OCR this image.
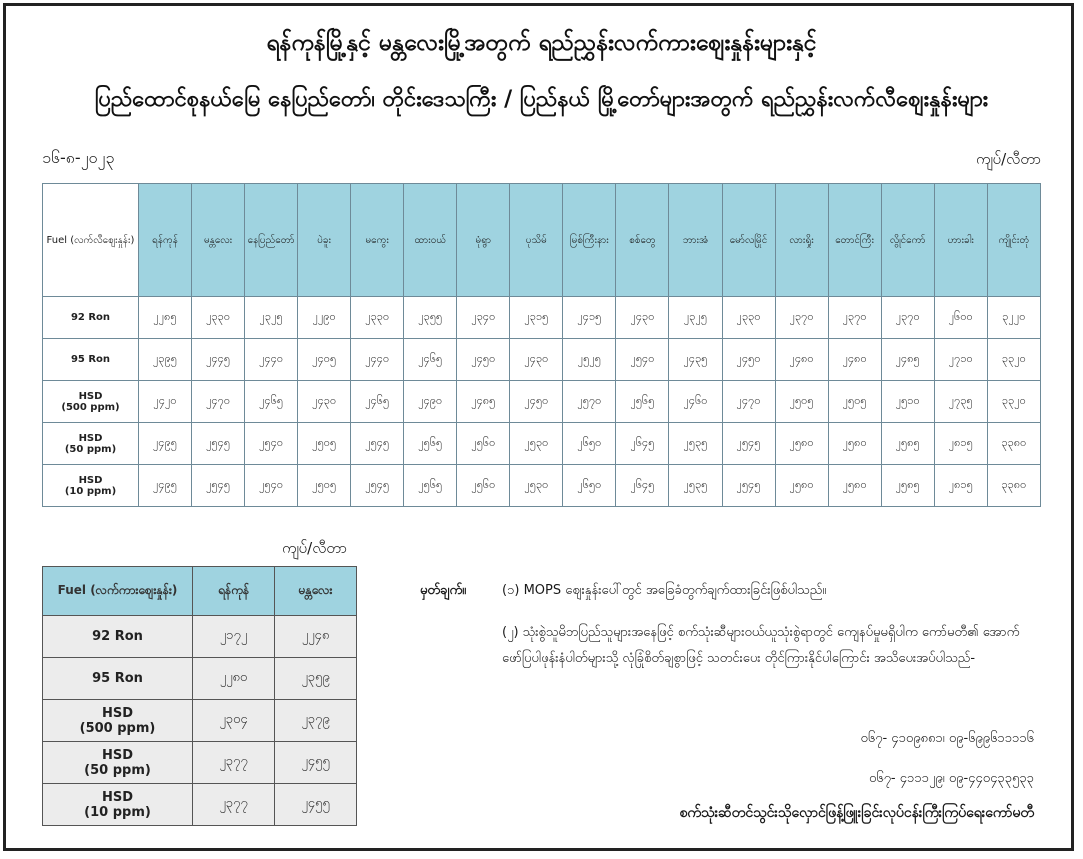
ရန်ကုန်မြို့နှင့် မန္တလေးမြို့အတွက် ရည်ညွှန်းလက်ကားဈေးနှုန်းများနှင့်
ပြည်ထောင်စုနယ်မြေ နေပြည်တော်၊ တိုင်းဒေသကြီး / ပြည်နယ် မြို့တော်များအတွက် ရည်ညွှန်းလက်လီဈေးနှုန်းများ
၁၆-၈-၂၀၂၃	ကျပ်/လီတာ
Fuel (လက်လီဈေးနှုန်း)	ရန်ကုန်	မန္တလေး	နေပြည်တော်	ပဲခူး	မကွေး	ထားဝယ်	မုံရွာ	ပုသိမ်	မြစ်ကြီးနား	စစ်တွေ	ဘားအံ	မော်လမြိုင်	လားရှိုး	တောင်ကြီး	လွိုင်ကော်	ဟားခါး	ကျိုင်းတုံ
92 Ron	၂၂၈၅	၂၃၃၀	၂၃၂၅	၂၂၉၀	၂၃၃၀	၂၃၅၅	၂၃၄၀	၂၃၁၅	၂၄၁၅	၂၄၃၀	၂၃၂၅	၂၃၃၀	၂၃၇၀	၂၃၇၀	၂၃၇၀	၂၆၀၀	၃၂၂၀
95 Ron	၂၃၉၅	၂၄၄၅	၂၄၄၀	၂၄၀၅	၂၄၄၀	၂၄၆၅	၂၄၅၀	၂၄၃၀	၂၅၂၅	၂၅၄၀	၂၄၃၅	၂၄၅၀	၂၄၈၀	၂၄၈၀	၂၄၈၅	၂၇၁၀	၃၃၂၀
HSD
(500 ppm)	၂၄၂၀	၂၄၇၀	၂၄၆၅	၂၄၃၀	၂၄၆၅	၂၄၉၀	၂၄၈၅	၂၄၅၀	၂၅၇၀	၂၅၆၅	၂၄၆၀	၂၄၇၀	၂၅၀၅	၂၅၀၅	၂၅၁၀	၂၇၃၅	၃၃၂၀
HSD
(50 ppm)	၂၄၉၅	၂၅၄၅	၂၅၄၀	၂၅၀၅	၂၅၄၅	၂၅၆၅	၂၅၆၀	၂၅၃၀	၂၆၅၀	၂၆၄၅	၂၅၃၅	၂၅၄၅	၂၅၈၀	၂၅၈၀	၂၅၈၅	၂၈၁၅	၃၃၈၀
HSD
(10 ppm)	၂၄၉၅	၂၅၄၅	၂၅၄၀	၂၅၀၅	၂၅၄၅	၂၅၆၅	၂၅၆၀	၂၅၃၀	၂၆၅၀	၂၆၄၅	၂၅၃၅	၂၅၄၅	၂၅၈၀	၂၅၈၀	၂၅၈၅	၂၈၁၅	၃၃၈၀
ကျပ်/လီတာ
Fuel (လက်ကားဈေးနှုန်း)	ရန်ကုန်	မန္တလေး
92 Ron	၂၁၇၂	၂၂၄၈
95 Ron	၂၂၈၀	၂၃၅၉
HSD
(500 ppm)	၂၃၀၄	၂၃၇၉
HSD
(50 ppm)	၂၃၇၇	၂၄၅၅
HSD
(10 ppm)	၂၃၇၇	၂၄၅၅
မှတ်ချက်။	(၁) MOPS ဈေးနှုန်းပေါ်တွင် အခြေခံတွက်ချက်ထားခြင်းဖြစ်ပါသည်။
(၂) သုံးစွဲသူမိဘပြည်သူများအနေဖြင့် စက်သုံးဆီများဝယ်ယူသုံးစွဲရာတွင် ကျေနပ်မှုမရှိပါက ကော်မတီ၏ အောက်ဖော်ပြပါဖုန်းနံပါတ်များသို့ လုံခြုံစိတ်ချစွာဖြင့် သတင်းပေး တိုင်ကြားနိုင်ပါကြောင်း အသိပေးအပ်ပါသည်-
၀၆၇- ၄၁၀၉၈၈၁၊ ၀၉-၆၉၉၆၁၁၁၁၆
၀၆၇- ၄၁၁၁၂၉၊ ၀၉-၄၄၀၄၃၃၅၃၃
စက်သုံးဆီတင်သွင်းသိုလှောင်ဖြန့်ဖြူးခြင်းလုပ်ငန်းကြီးကြပ်ရေးကော်မတီ
